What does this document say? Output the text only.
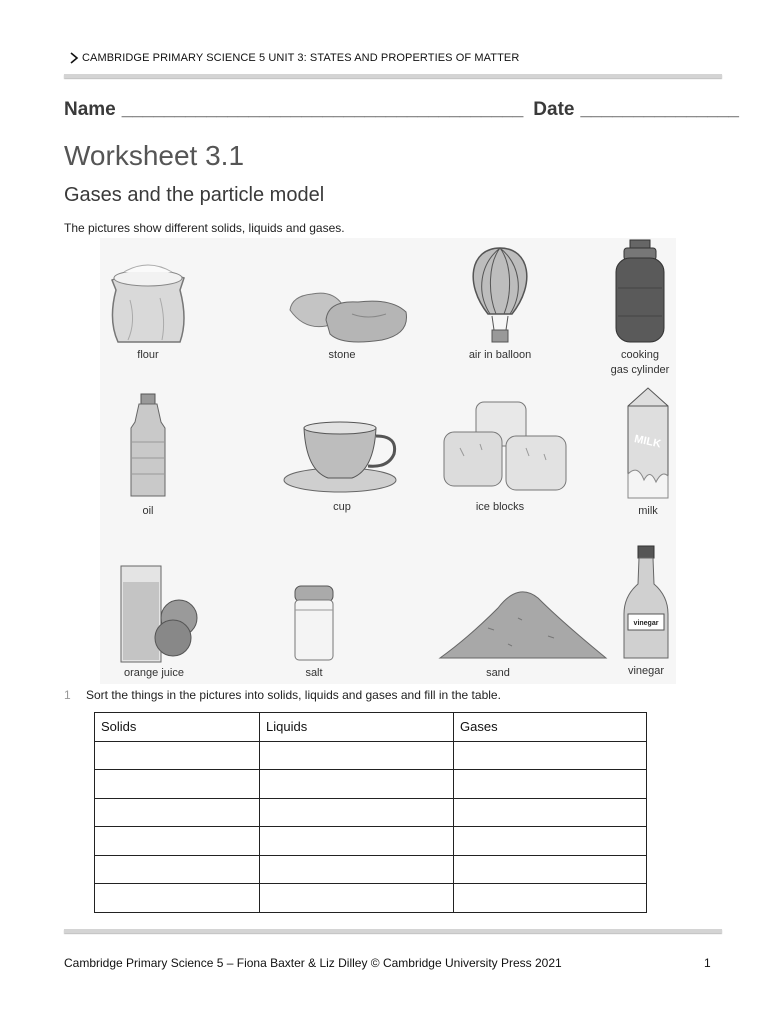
CAMBRIDGE PRIMARY SCIENCE 5 UNIT 3: STATES AND PROPERTIES OF MATTER
Name ______________________________________ Date _______________
Worksheet 3.1
Gases and the particle model
The pictures show different solids, liquids and gases.
flour	stone	air in balloon	cooking
gas cylinder
oil	cup	ice blocks
MILK
milk
orange juice	salt	sand
vinegar
vinegar
1	Sort the things in the pictures into solids, liquids and gases and fill in the table.
Solids	Liquids	Gases

Cambridge Primary Science 5 – Fiona Baxter & Liz Dilley © Cambridge University Press 2021	1
